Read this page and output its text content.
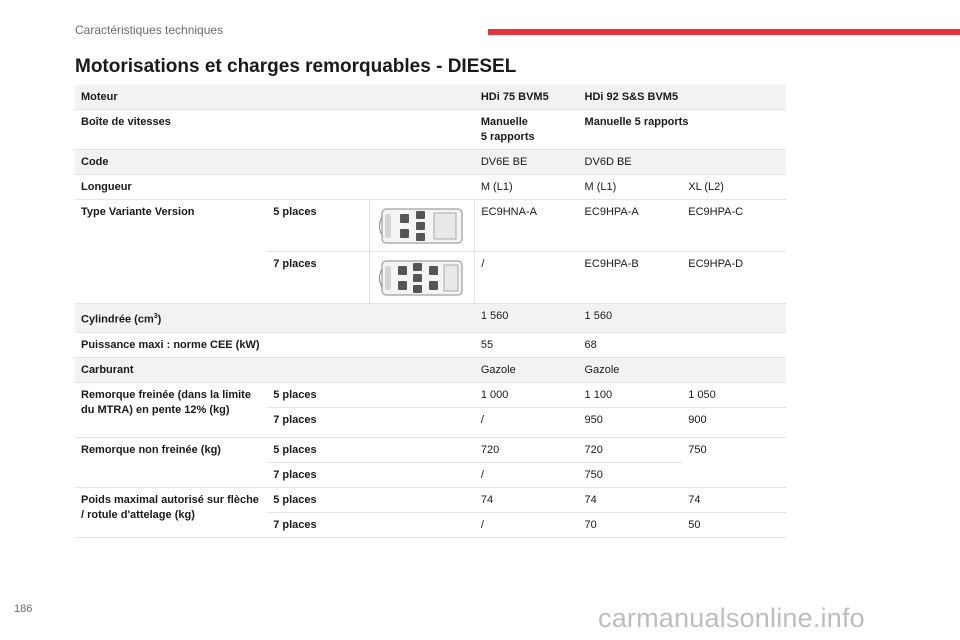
Caractéristiques techniques
Motorisations et charges remorquables - DIESEL
Moteur			HDi 75 BVM5	HDi 92 S&S BVM5	
Boîte de vitesses			Manuelle
5 rapports	Manuelle 5 rapports	
Code			DV6E BE	DV6D BE	
Longueur			M (L1)	M (L1)	XL (L2)
Type Variante Version	5 places		EC9HNA-A	EC9HPA-A	EC9HPA-C
	7 places		/	EC9HPA-B	EC9HPA-D
Cylindrée $(cm^3)$			1 560	1 560	
Puissance maxi : norme CEE (kW)			55	68	
Carburant			Gazole	Gazole	
Remorque freinée (dans la limite du MTRA) en pente 12% (kg)	5 places		1 000	1 100	1 050
	7 places		/	950	900
Remorque non freinée (kg)	5 places		720	720	750
	7 places		/	750	
Poids maximal autorisé sur flèche / rotule d'attelage (kg)	5 places		74	74	74
	7 places		/	70	50
186	carmanualsonline.info
